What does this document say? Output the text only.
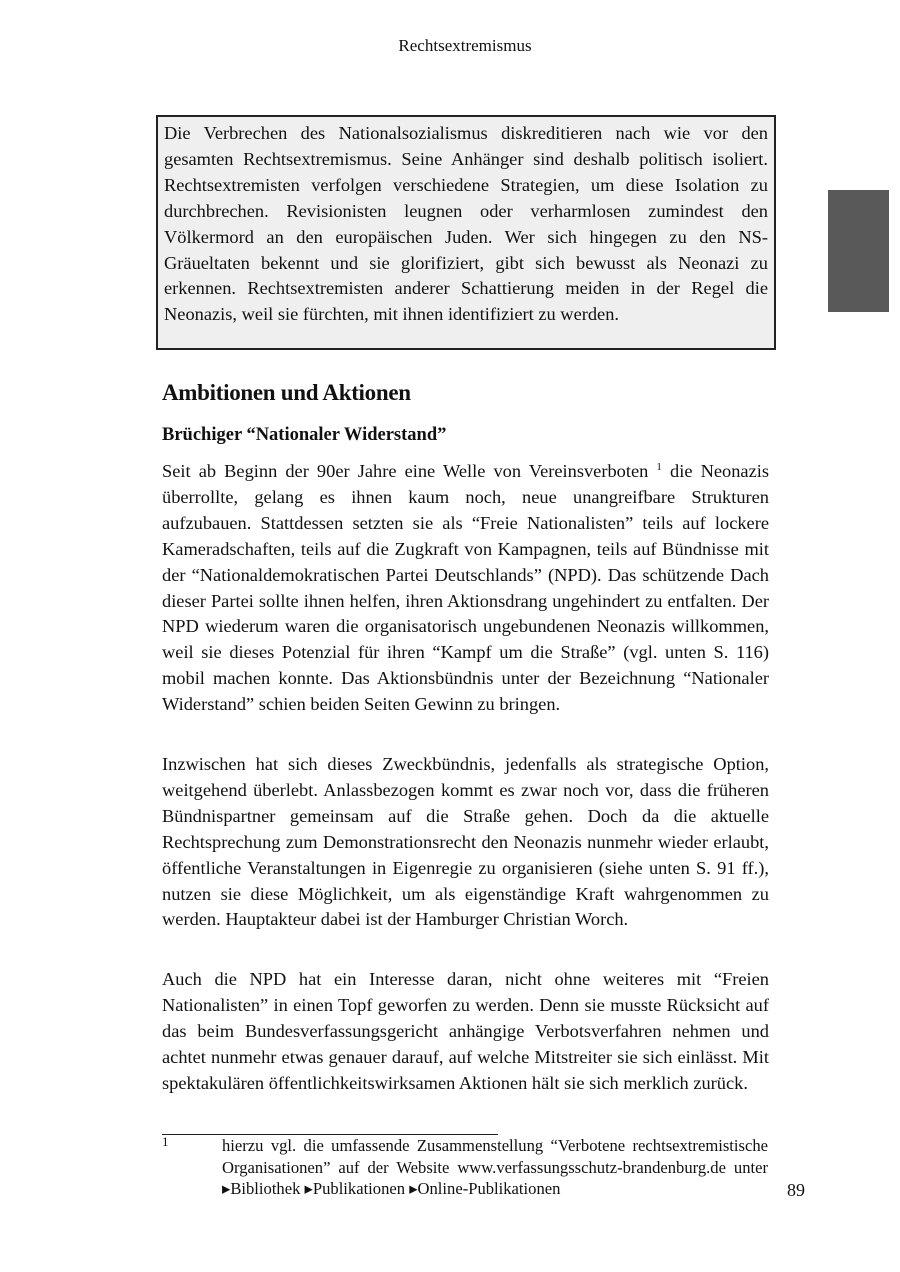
Rechtsextremismus
Die Verbrechen des Nationalsozialismus diskreditieren nach wie vor den gesamten Rechtsextremismus. Seine Anhänger sind deshalb politisch isoliert. Rechtsextremisten verfolgen verschiedene Strategien, um diese Isolation zu durchbrechen. Revisionisten leugnen oder verharmlosen zumindest den Völkermord an den europäischen Juden. Wer sich hingegen zu den NS-Gräueltaten bekennt und sie glorifiziert, gibt sich bewusst als Neonazi zu erkennen. Rechtsextremisten anderer Schattierung meiden in der Regel die Neonazis, weil sie fürchten, mit ihnen identifiziert zu werden.
Ambitionen und Aktionen
Brüchiger “Nationaler Widerstand”

Seit ab Beginn der 90er Jahre eine Welle von Vereinsverboten $^1$ die Neonazis überrollte, gelang es ihnen kaum noch, neue unangreifbare Strukturen aufzubauen. Stattdessen setzten sie als “Freie Nationalisten” teils auf lockere Kameradschaften, teils auf die Zugkraft von Kampagnen, teils auf Bündnisse mit der “Nationaldemokratischen Partei Deutschlands” (NPD). Das schützende Dach dieser Partei sollte ihnen helfen, ihren Aktionsdrang ungehindert zu entfalten. Der NPD wiederum waren die organisatorisch ungebundenen Neonazis willkommen, weil sie dieses Potenzial für ihren “Kampf um die Straße” (vgl. unten S. 116) mobil machen konnte. Das Aktionsbündnis unter der Bezeichnung “Nationaler Widerstand” schien beiden Seiten Gewinn zu bringen.

Inzwischen hat sich dieses Zweckbündnis, jedenfalls als strategische Option, weitgehend überlebt. Anlassbezogen kommt es zwar noch vor, dass die früheren Bündnispartner gemeinsam auf die Straße gehen. Doch da die aktuelle Rechtsprechung zum Demonstrationsrecht den Neonazis nunmehr wieder erlaubt, öffentliche Veranstaltungen in Eigenregie zu organisieren (siehe unten S. 91 ff.), nutzen sie diese Möglichkeit, um als eigenständige Kraft wahrgenommen zu werden. Hauptakteur dabei ist der Hamburger Christian Worch.

Auch die NPD hat ein Interesse daran, nicht ohne weiteres mit “Freien Nationalisten” in einen Topf geworfen zu werden. Denn sie musste Rücksicht auf das beim Bundesverfassungsgericht anhängige Verbotsverfahren nehmen und achtet nunmehr etwas genauer darauf, auf welche Mitstreiter sie sich einlässt. Mit spektakulären öffentlichkeitswirksamen Aktionen hält sie sich merklich zurück.

1	hierzu vgl. die umfassende Zusammenstellung “Verbotene rechtsextremistische Organisationen” auf der Website www.verfassungsschutz-brandenburg.de unter ▸Bibliothek ▸Publikationen ▸Online-Publikationen	89
